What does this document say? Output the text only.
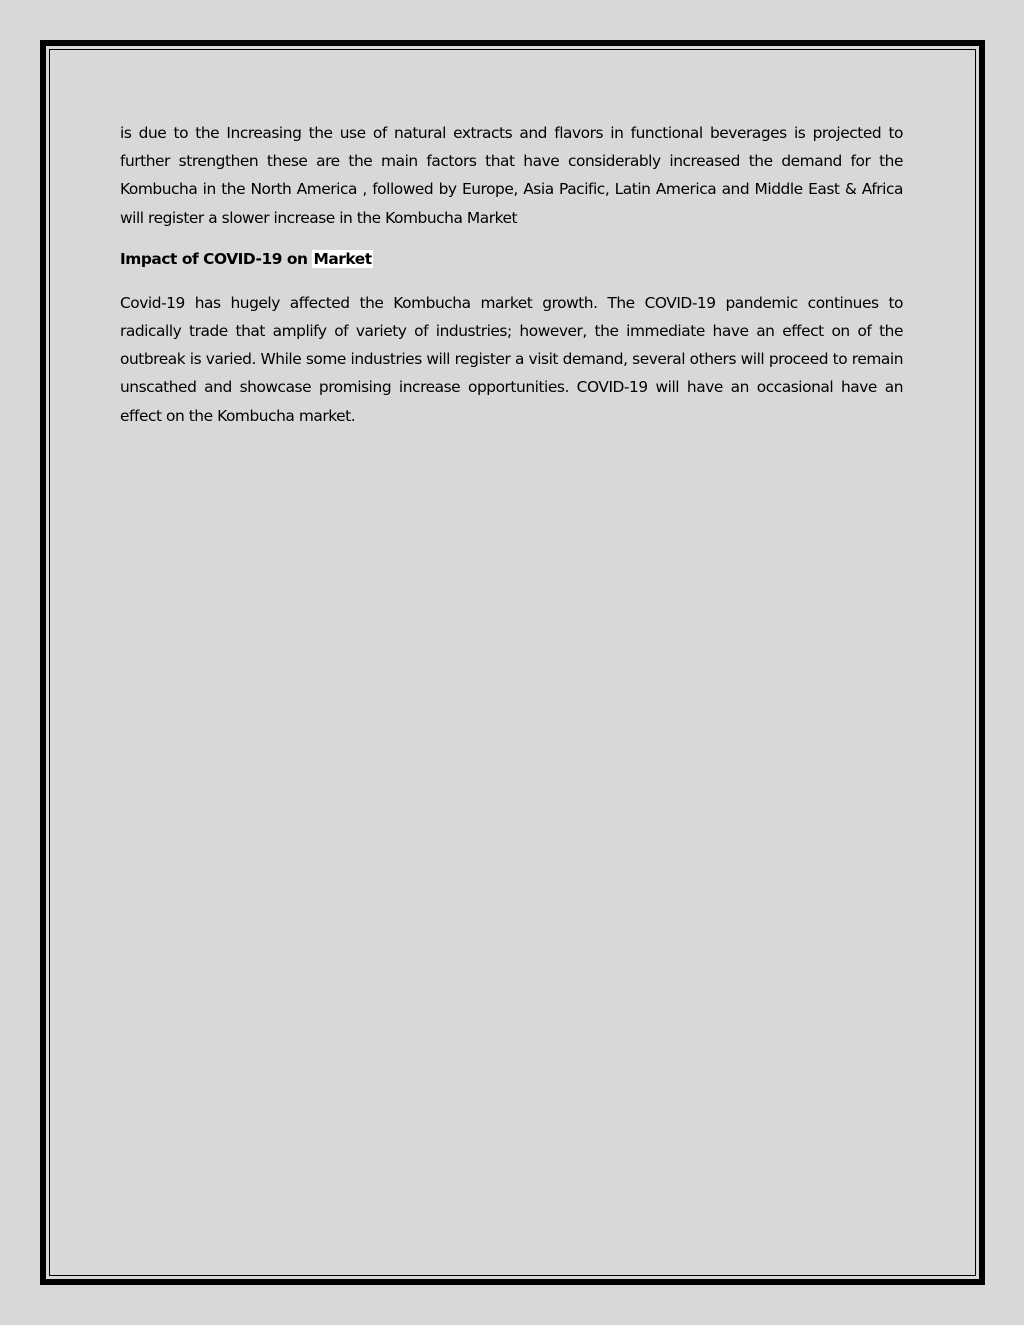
is due to the Increasing the use of natural extracts and flavors in functional beverages is projected to further strengthen these are the main factors that have considerably increased the demand for the Kombucha in the North America , followed by Europe, Asia Pacific, Latin America and Middle East & Africa will register a slower increase in the Kombucha Market

Impact of COVID-19 on Market

Covid-19 has hugely affected the Kombucha market growth. The COVID-19 pandemic continues to radically trade that amplify of variety of industries; however, the immediate have an effect on of the outbreak is varied. While some industries will register a visit demand, several others will proceed to remain unscathed and showcase promising increase opportunities. COVID-19 will have an occasional have an effect on the Kombucha market.
